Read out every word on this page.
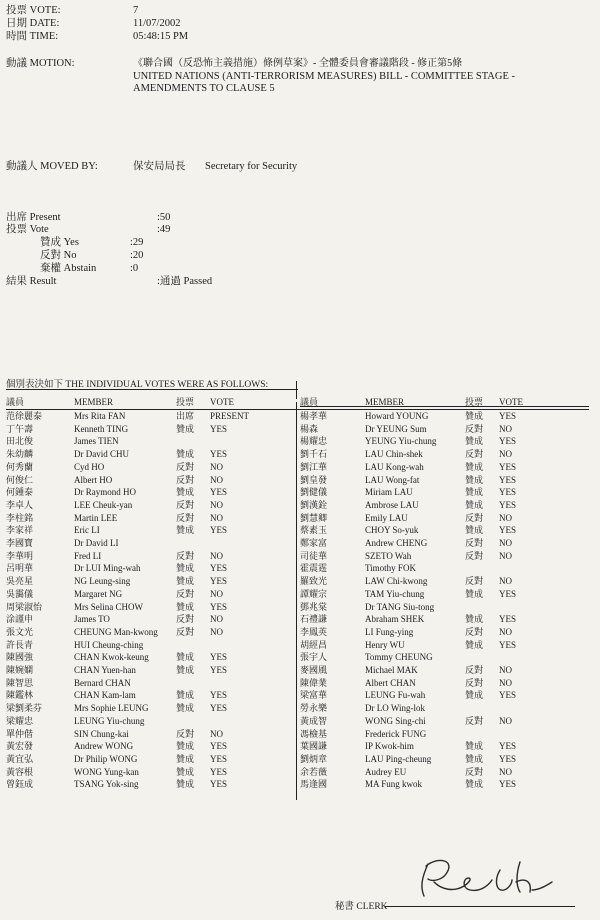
投票 VOTE:	7
日期 DATE:	11/07/2002
時間 TIME:	05:48:15 PM
動議 MOTION:	《聯合國（反恐怖主義措施）條例草案》- 全體委員會審議階段 - 修正第5條
UNITED NATIONS (ANTI-TERRORISM MEASURES) BILL - COMMITTEE STAGE -
AMENDMENTS TO CLAUSE 5
動議人 MOVED BY:	保安局局長 Secretary for Security
出席 Present	:50
投票 Vote	:49
贊成 Yes	:29
反對 No	:20
棄權 Abstain	:0
結果 Result	:通過 Passed
個別表決如下 THE INDIVIDUAL VOTES WERE AS FOLLOWS:
議員	MEMBER	投票 VOTE	議員	MEMBER	投票 VOTE
范徐麗泰	Mrs Rita FAN	出席 PRESENT
丁午壽	Kenneth TING	贊成 YES
田北俊	James TIEN
朱幼麟	Dr David CHU	贊成 YES
何秀蘭	Cyd HO	反對 NO
何俊仁	Albert HO	反對 NO
何鍾泰	Dr Raymond HO	贊成 YES
李卓人	LEE Cheuk-yan	反對 NO
李柱銘	Martin LEE	反對 NO
李家祥	Eric LI	贊成 YES
李國寶	Dr David LI
李華明	Fred LI	反對 NO
呂明華	Dr LUI Ming-wah	贊成 YES
吳亮星	NG Leung-sing	贊成 YES
吳靄儀	Margaret NG	反對 NO
周梁淑怡	Mrs Selina CHOW	贊成 YES
涂謹申	James TO	反對 NO
張文光	CHEUNG Man-kwong 反對 NO
許長青	HUI Cheung-ching
陳國強	CHAN Kwok-keung	贊成 YES
陳婉嫻	CHAN Yuen-han	贊成 YES
陳智思	Bernard CHAN
陳鑑林	CHAN Kam-lam	贊成 YES
梁劉柔芬	Mrs Sophie LEUNG	贊成 YES
梁耀忠	LEUNG Yiu-chung
單仲偕	SIN Chung-kai	反對 NO
黃宏發	Andrew WONG	贊成 YES
黃宜弘	Dr Philip WONG	贊成 YES
黃容根	WONG Yung-kan	贊成 YES
曾鈺成	TSANG Yok-sing	贊成 YES
楊孝華	Howard YOUNG	贊成 YES
楊森	Dr YEUNG Sum	反對 NO
楊耀忠	YEUNG Yiu-chung	贊成 YES
劉千石	LAU Chin-shek	反對 NO
劉江華	LAU Kong-wah	贊成 YES
劉皇發	LAU Wong-fat	贊成 YES
劉健儀	Miriam LAU	贊成 YES
劉漢銓	Ambrose LAU	贊成 YES
劉慧卿	Emily LAU	反對 NO
蔡素玉	CHOY So-yuk	贊成 YES
鄭家富	Andrew CHENG	反對 NO
司徒華	SZETO Wah	反對 NO
霍震霆	Timothy FOK
羅致光	LAW Chi-kwong	反對 NO
譚耀宗	TAM Yiu-chung	贊成 YES
鄧兆棠	Dr TANG Siu-tong
石禮謙	Abraham SHEK	贊成 YES
李鳳英	LI Fung-ying	反對 NO
胡經昌	Henry WU	贊成 YES
張宇人	Tommy CHEUNG
麥國風	Michael MAK	反對 NO
陳偉業	Albert CHAN	反對 NO
梁富華	LEUNG Fu-wah	贊成 YES
勞永樂	Dr LO Wing-lok
黃成智	WONG Sing-chi	反對 NO
馮檢基	Frederick FUNG
葉國謙	IP Kwok-him	贊成 YES
劉炳章	LAU Ping-cheung	贊成 YES
余若薇	Audrey EU	反對 NO
馬逢國	MA Fung kwok	贊成 YES
秘書 CLERK
